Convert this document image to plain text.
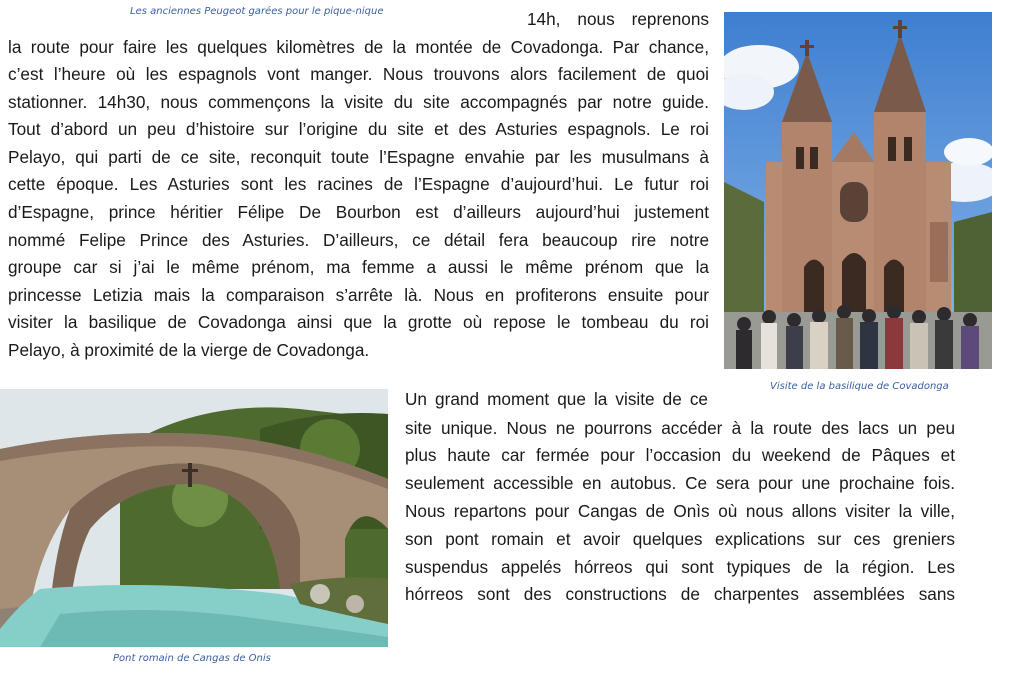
Les anciennes Peugeot garées pour le pique-nique
Visite de la basilique de Covadonga
Pont romain de Cangas de Onis
14h, nous reprenons
la route pour faire les quelques kilomètres de la montée de Covadonga. Par chance,
c’est l’heure où les espagnols vont manger. Nous trouvons alors facilement de quoi
stationner. 14h30, nous commençons la visite du site accompagnés par notre guide.
Tout d’abord un peu d’histoire sur l’origine du site et des Asturies espagnols. Le roi
Pelayo, qui parti de ce site, reconquit toute l’Espagne envahie par les musulmans à
cette époque. Les Asturies sont les racines de l’Espagne d’aujourd’hui. Le futur roi
d’Espagne, prince héritier Félipe De Bourbon est d’ailleurs aujourd’hui justement
nommé Felipe Prince des Asturies. D’ailleurs, ce détail fera beaucoup rire notre
groupe car si j’ai le même prénom, ma femme a aussi le même prénom que la
princesse Letizia mais la comparaison s’arrête là. Nous en profiterons ensuite pour
visiter la basilique de Covadonga ainsi que la grotte où repose le tombeau du roi
Pelayo, à proximité de la vierge de Covadonga.
Un grand moment que la visite de ce
site unique. Nous ne pourrons accéder à la route des lacs un peu
plus haute car fermée pour l’occasion du weekend de Pâques et
seulement accessible en autobus. Ce sera pour une prochaine fois.
Nous repartons pour Cangas de Onìs où nous allons visiter la ville,
son pont romain et avoir quelques explications sur ces greniers
suspendus appelés hórreos qui sont typiques de la région. Les
hórreos sont des constructions de charpentes assemblées sans
